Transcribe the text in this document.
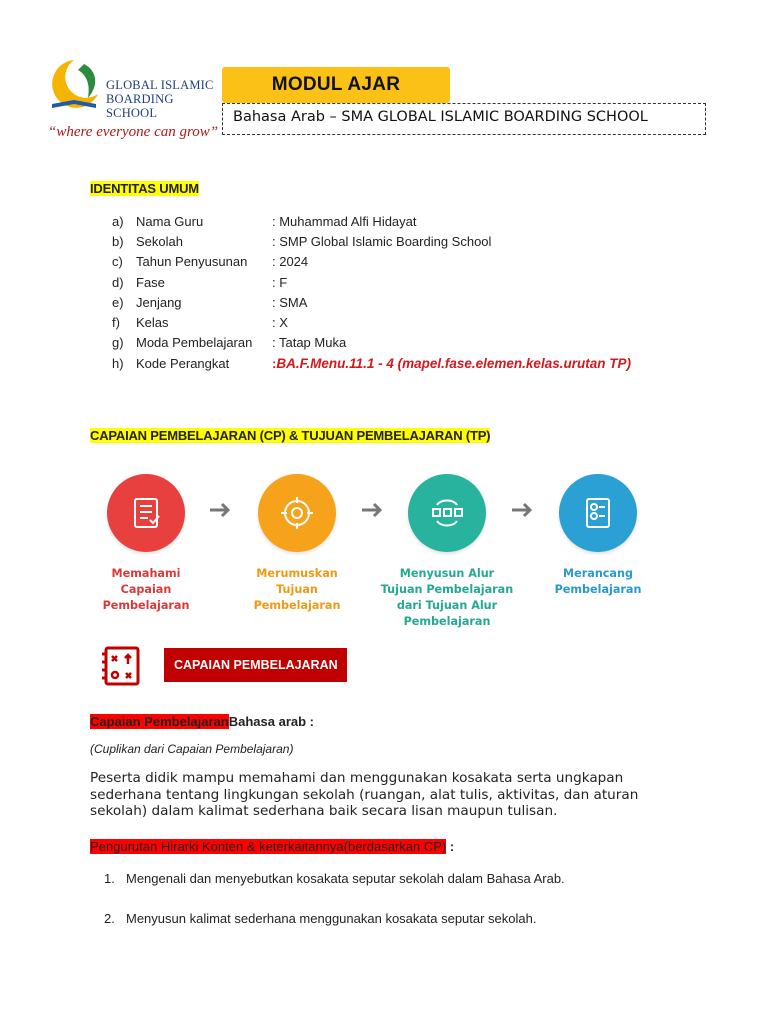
GLOBAL ISLAMIC
BOARDING SCHOOL
“where everyone can grow”
MODUL AJAR
Bahasa Arab – SMA GLOBAL ISLAMIC BOARDING SCHOOL
IDENTITAS UMUM
a) Nama Guru	: Muhammad Alfi Hidayat
b) Sekolah	: SMP Global Islamic Boarding School
c)	Tahun Penyusunan	: 2024
d) Fase	: F
e) Jenjang	: SMA
f)	Kelas	: X
g) Moda Pembelajaran	: Tatap Muka
h) Kode Perangkat	: BA.F.Menu.11.1 - 4 (mapel.fase.elemen.kelas.urutan TP)
CAPAIAN PEMBELAJARAN (CP) & TUJUAN PEMBELAJARAN (TP)
Memahami
Capaian
Pembelajaran
Merumuskan
Tujuan
Pembelajaran
Menyusun Alur
Tujuan Pembelajaran
dari Tujuan Alur
Pembelajaran
Merancang
Pembelajaran
CAPAIAN PEMBELAJARAN
Capaian PembelajaranBahasa arab :
(Cuplikan dari Capaian Pembelajaran)
Peserta didik mampu memahami dan menggunakan kosakata serta ungkapan sederhana tentang lingkungan sekolah (ruangan, alat tulis, aktivitas, dan aturan sekolah) dalam kalimat sederhana baik secara lisan maupun tulisan.
Pengurutan Hirarki Konten & keterkaitannya(berdasarkan CP) :
1. Mengenali dan menyebutkan kosakata seputar sekolah dalam Bahasa Arab.
2. Menyusun kalimat sederhana menggunakan kosakata seputar sekolah.
